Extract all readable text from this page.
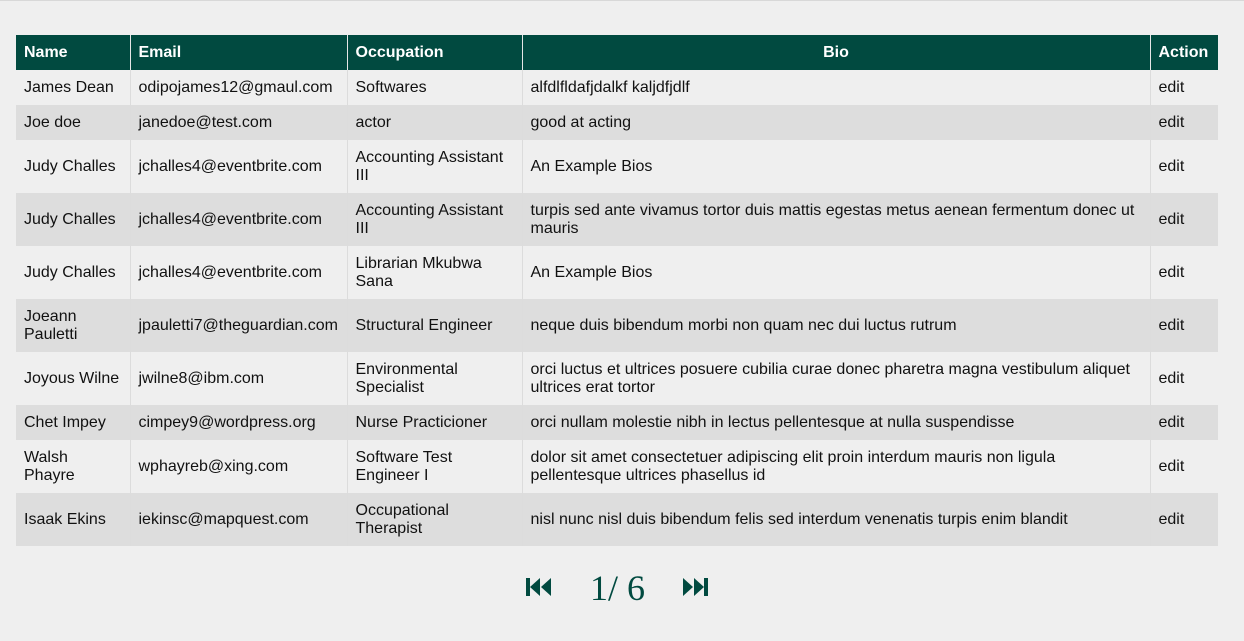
Name	Email	Occupation	Bio	Action
James Dean	odipojames12@gmaul.com	Softwares	alfdlfldafjdalkf kaljdfjdlf	edit
Joe doe	janedoe@test.com	actor	good at acting	edit
Judy Challes	jchalles4@eventbrite.com	Accounting Assistant III	An Example Bios	edit
Judy Challes	jchalles4@eventbrite.com	Accounting Assistant III	turpis sed ante vivamus tortor duis mattis egestas metus aenean fermentum donec ut mauris	edit
Judy Challes	jchalles4@eventbrite.com	Librarian Mkubwa Sana	An Example Bios	edit
Joeann Pauletti	jpauletti7@theguardian.com	Structural Engineer	neque duis bibendum morbi non quam nec dui luctus rutrum	edit
Joyous Wilne	jwilne8@ibm.com	Environmental Specialist	orci luctus et ultrices posuere cubilia curae donec pharetra magna vestibulum aliquet ultrices erat tortor	edit
Chet Impey	cimpey9@wordpress.org	Nurse Practicioner	orci nullam molestie nibh in lectus pellentesque at nulla suspendisse	edit
Walsh Phayre	wphayreb@xing.com	Software Test Engineer I	dolor sit amet consectetuer adipiscing elit proin interdum mauris non ligula pellentesque ultrices phasellus id	edit
Isaak Ekins	iekinsc@mapquest.com	Occupational Therapist	nisl nunc nisl duis bibendum felis sed interdum venenatis turpis enim blandit	edit
1/ 6
